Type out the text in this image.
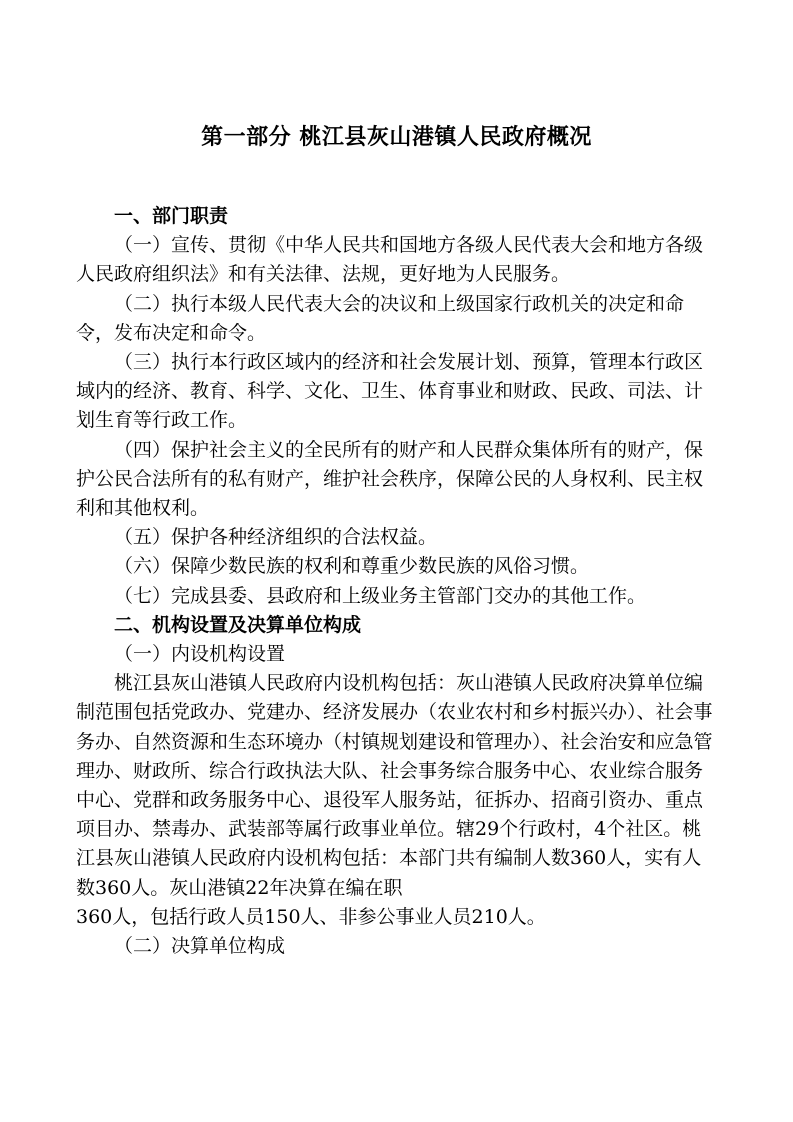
第一部分 桃江县灰山港镇人民政府概况

一、部门职责

（一）宣传、贯彻《中华人民共和国地方各级人民代表大会和地方各级人民政府组织法》和有关法律、法规，更好地为人民服务。

（二）执行本级人民代表大会的决议和上级国家行政机关的决定和命令，发布决定和命令。

（三）执行本行政区域内的经济和社会发展计划、预算，管理本行政区域内的经济、教育、科学、文化、卫生、体育事业和财政、民政、司法、计划生育等行政工作。

（四）保护社会主义的全民所有的财产和人民群众集体所有的财产，保护公民合法所有的私有财产，维护社会秩序，保障公民的人身权利、民主权利和其他权利。

（五）保护各种经济组织的合法权益。

（六）保障少数民族的权利和尊重少数民族的风俗习惯。

（七）完成县委、县政府和上级业务主管部门交办的其他工作。

二、机构设置及决算单位构成

（一）内设机构设置

桃江县灰山港镇人民政府内设机构包括：灰山港镇人民政府决算单位编制范围包括党政办、党建办、经济发展办（农业农村和乡村振兴办）、社会事务办、自然资源和生态环境办（村镇规划建设和管理办）、社会治安和应急管理办、财政所、综合行政执法大队、社会事务综合服务中心、农业综合服务中心、党群和政务服务中心、退役军人服务站，征拆办、招商引资办、重点项目办、禁毒办、武装部等属行政事业单位。辖29个行政村，4个社区。桃江县灰山港镇人民政府内设机构包括：本部门共有编制人数360人，实有人数360人。灰山港镇22年决算在编在职

360人，包括行政人员150人、非参公事业人员210人。

（二）决算单位构成
